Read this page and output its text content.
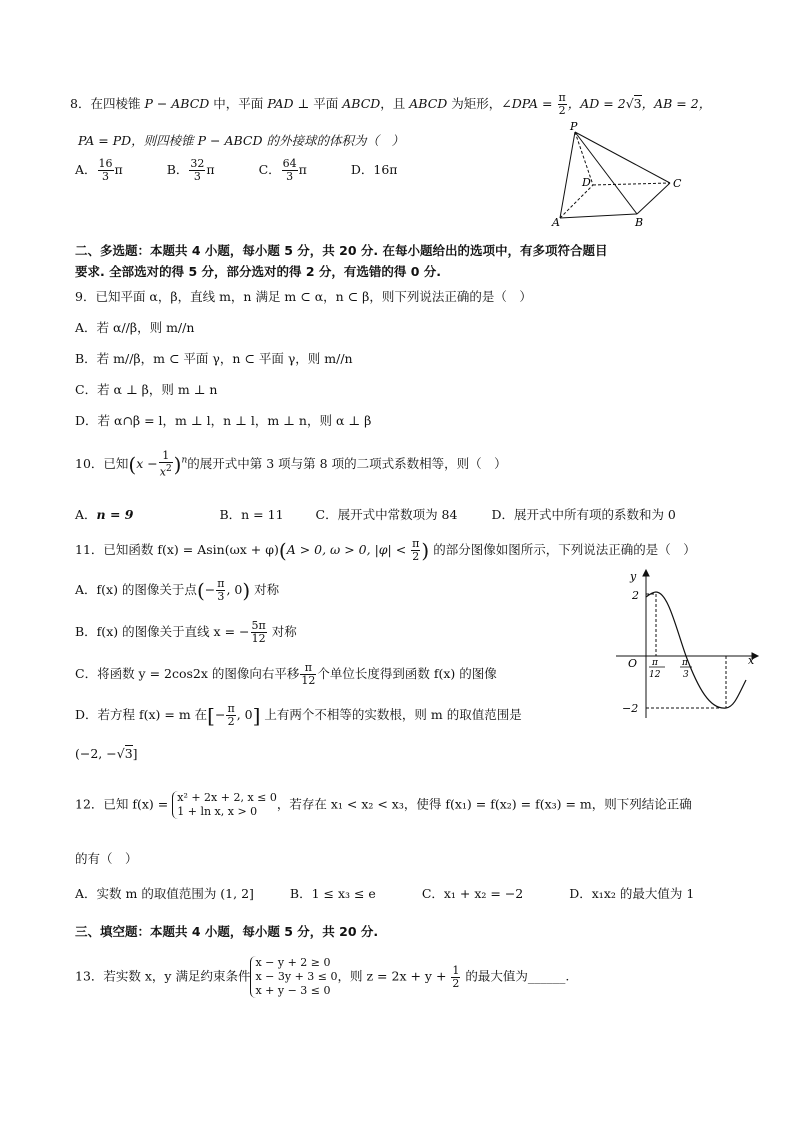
8．在四棱锥 P − ABCD 中，平面 PAD ⊥ 平面 ABCD，且 ABCD 为矩形，∠DPA = $\frac{\pi}{2}$ ，AD = 2√3，AB = 2，
PA = PD，则四棱锥 P − ABCD 的外接球的体积为（　）
A． $\frac{16}{3}$ π	B． $\frac{32}{3}$ π	C． $\frac{64}{3}$ π	D．16π
P
A	B
C
D
二、多选题：本题共 4 小题，每小题 5 分，共 20 分. 在每小题给出的选项中，有多项符合题目
要求. 全部选对的得 5 分，部分选对的得 2 分，有选错的得 0 分.
9．已知平面 α，β，直线 m，n 满足 m ⊂ α，n ⊂ β，则下列说法正确的是（　）
A．若 α//β，则 m//n
B．若 m//β，m ⊂ 平面 γ，n ⊂ 平面 γ，则 m//n
C．若 α ⊥ β，则 m ⊥ n
D．若 α∩β = l，m ⊥ l，n ⊥ l，m ⊥ n，则 α ⊥ β
10．已知$(x - \frac{1}{x^2} )^n$的展开式中第 3 项与第 8 项的二项式系数相等，则（　）
A．n = 9	B．n = 11	C．展开式中常数项为 84	D．展开式中所有项的系数和为 0
11．已知函数 f(x) = Asin(ωx + φ)(A > 0, ω > 0, $|\varphi| < \frac{\pi}{2}$ ) 的部分图像如图所示，下列说法正确的是（　）
A．f(x) 的图像关于点(− $\frac{\pi}{3}$ , 0) 对称
B．f(x) 的图像关于直线 x = − $\frac{5\pi}{12}$ 对称
C．将函数 y = 2cos2x 的图像向右平移 $\frac{\pi}{12}$ 个单位长度得到函数 f(x) 的图像
D．若方程 f(x) = m 在[− $\frac{\pi}{2}$ , 0] 上有两个不相等的实数根，则 m 的取值范围是
(−2, −√3]
y
x
O
2
−2
π
12
π
3
12．已知 f(x) = x² + 2x + 2, x ≤ 0
1 + ln x, x > 0	，若存在 x₁ < x₂ < x₃，使得 f(x₁) = f(x₂) = f(x₃) = m，则下列结论正确
的有（　）
A．实数 m 的取值范围为 (1, 2]	B．1 ≤ x₃ ≤ e	C．x₁ + x₂ = −2	D．x₁x₂ 的最大值为 1
三、填空题：本题共 4 小题，每小题 5 分，共 20 分.
13．若实数 x，y 满足约束条件
x − y + 2 ≥ 0
x − 3y + 3 ≤ 0
x + y − 3 ≤ 0
，则 $z = 2x + y + \frac{1}{2}$ 的最大值为______.
